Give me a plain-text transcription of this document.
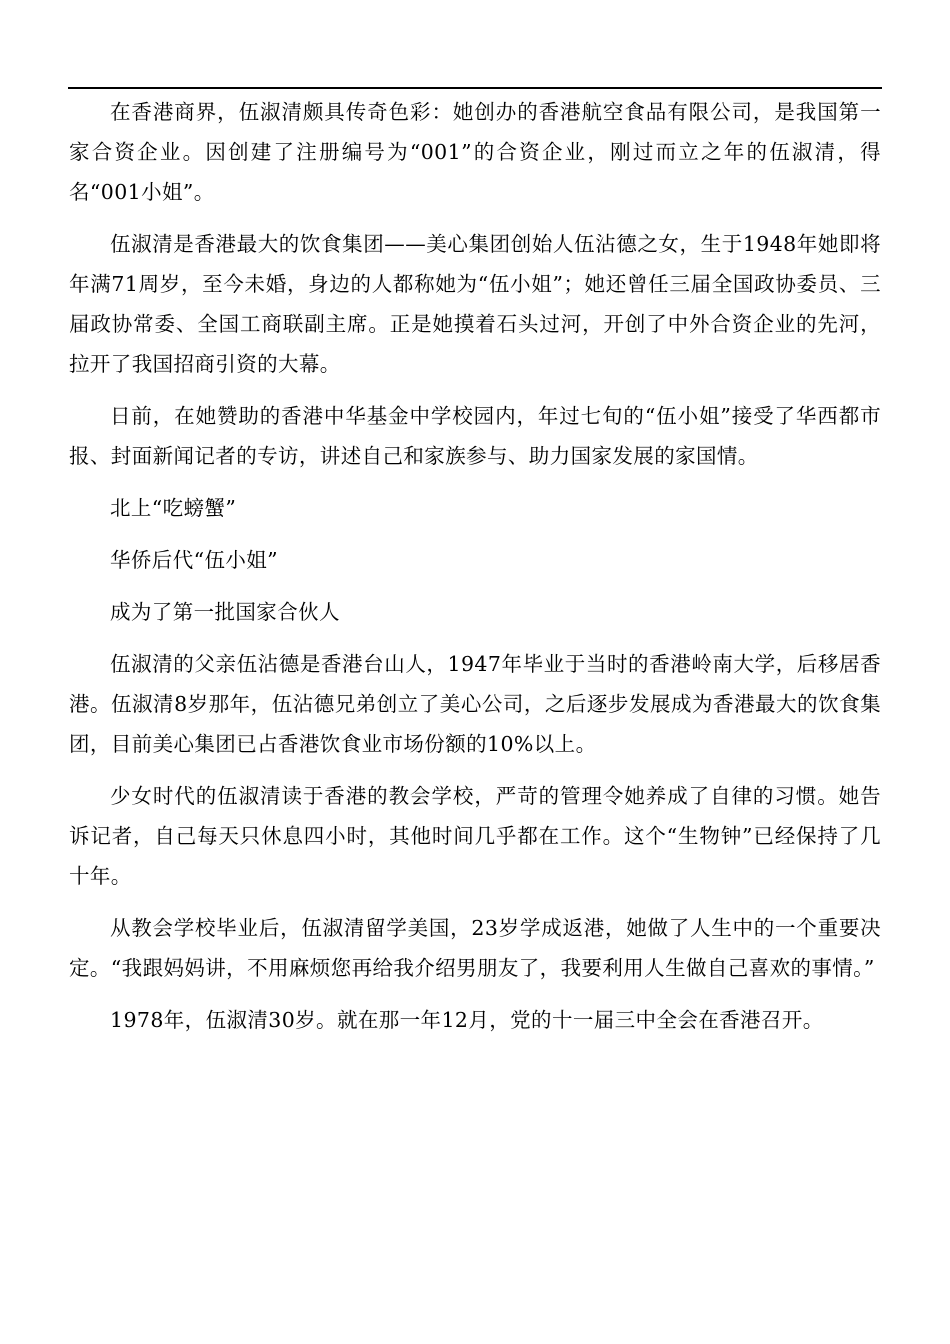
在香港商界，伍淑清颇具传奇色彩：她创办的香港航空食品有限公司，是我国第一家合资企业。因创建了注册编号为“001”的合资企业，刚过而立之年的伍淑清，得名“001小姐”。

伍淑清是香港最大的饮食集团——美心集团创始人伍沾德之女，生于1948年她即将年满71周岁，至今未婚，身边的人都称她为“伍小姐”；她还曾任三届全国政协委员、三届政协常委、全国工商联副主席。正是她摸着石头过河，开创了中外合资企业的先河，拉开了我国招商引资的大幕。

日前，在她赞助的香港中华基金中学校园内，年过七旬的“伍小姐”接受了华西都市报、封面新闻记者的专访，讲述自己和家族参与、助力国家发展的家国情。

北上“吃螃蟹”

华侨后代“伍小姐”

成为了第一批国家合伙人

伍淑清的父亲伍沾德是香港台山人，1947年毕业于当时的香港岭南大学，后移居香港。伍淑清8岁那年，伍沾德兄弟创立了美心公司，之后逐步发展成为香港最大的饮食集团，目前美心集团已占香港饮食业市场份额的10%以上。

少女时代的伍淑清读于香港的教会学校，严苛的管理令她养成了自律的习惯。她告诉记者，自己每天只休息四小时，其他时间几乎都在工作。这个“生物钟”已经保持了几十年。

从教会学校毕业后，伍淑清留学美国，23岁学成返港，她做了人生中的一个重要决定。“我跟妈妈讲，不用麻烦您再给我介绍男朋友了，我要利用人生做自己喜欢的事情。”

1978年，伍淑清30岁。就在那一年12月，党的十一届三中全会在香港召开。
